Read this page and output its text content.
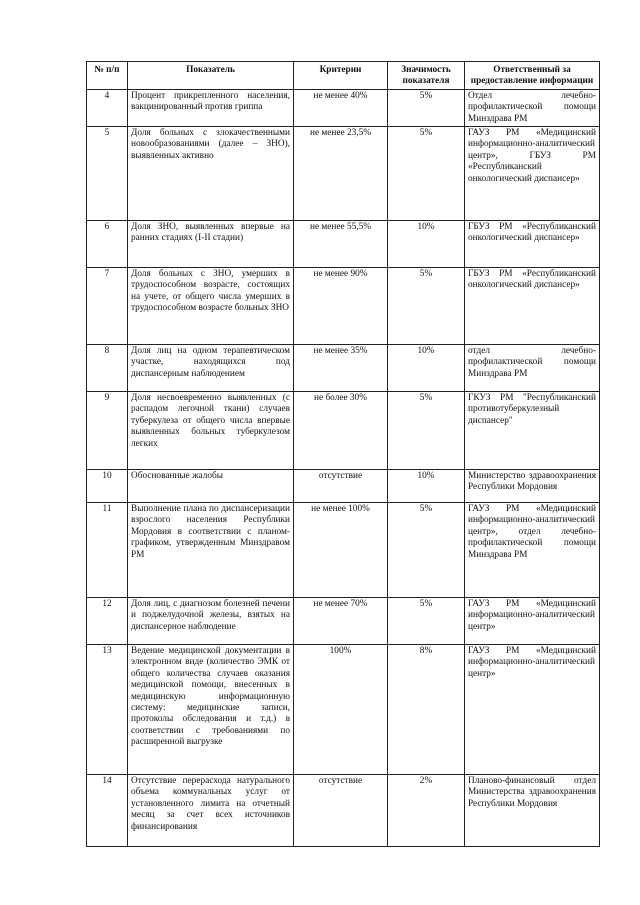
№ п/п	Показатель	Критерии	Значимость показателя	Ответственный за предоставление информации
4	Процент прикрепленного населения, вакцинированный против гриппа	не менее 40%	5%	Отдел лечебно-профилактической помощи Минздрава РМ
5	Доля больных с злокачественными новообразованиями (далее – ЗНО), выявленных активно	не менее 23,5%	5%	ГАУЗ РМ «Медицинский информационно-аналитический центр», ГБУЗ РМ «Республиканский онкологический диспансер»
6	Доля ЗНО, выявленных впервые на ранних стадиях (I-II стадии)	не менее 55,5%	10%	ГБУЗ РМ «Республиканский онкологический диспансер»
7	Доля больных с ЗНО, умерших в трудоспособном возрасте, состоящих на учете, от общего числа умерших в трудоспособном возрасте больных ЗНО	не менее 90%	5%	ГБУЗ РМ «Республиканский онкологический диспансер»
8	Доля лиц на одном терапевтическом участке, находящихся под диспансерным наблюдением	не менее 35%	10%	отдел лечебно-профилактической помощи Минздрава РМ
9	Доля несвоевременно выявленных (с распадом легочной ткани) случаев туберкулеза от общего числа впервые выявленных больных туберкулезом легких	не более 30%	5%	ГКУЗ РМ "Республиканский противотуберкулезный диспансер"
10	Обоснованные жалобы	отсутствие	10%	Министерство здравоохранения Республики Мордовия
11	Выполнение плана по диспансеризации взрослого населения Республики Мордовия в соответствии с планом-графиком, утвержденным Минздравом РМ	не менее 100%	5%	ГАУЗ РМ «Медицинский информационно-аналитический центр», отдел лечебно-профилактической помощи Минздрава РМ
12	Доля лиц, с диагнозом болезней печени и поджелудочной железы, взятых на диспансерное наблюдение	не менее 70%	5%	ГАУЗ РМ «Медицинский информационно-аналитический центр»
13	Ведение медицинской документации в электронном виде (количество ЭМК от общего количества случаев оказания медицинской помощи, внесенных в медицинскую информационную систему: медицинские записи, протоколы обследования и т.д.) в соответствии с требованиями по расширенной выгрузке	100%	8%	ГАУЗ РМ «Медицинский информационно-аналитический центр»
14	Отсутствие перерасхода натурального объема коммунальных услуг от установленного лимита на отчетный месяц за счет всех источников финансирования	отсутствие	2%	Планово-финансовый отдел Министерства здравоохранения Республики Мордовия
